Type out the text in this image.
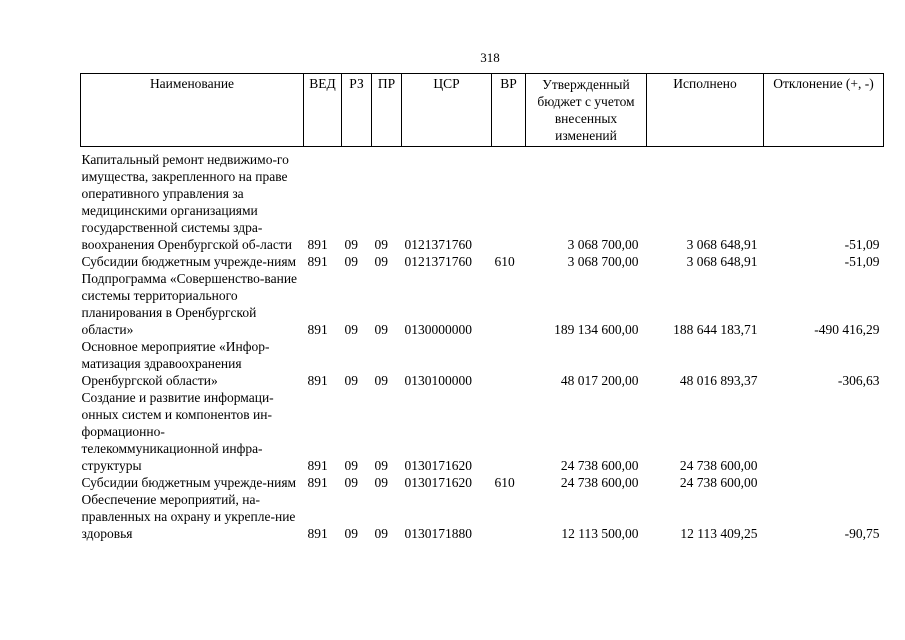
318
Наименование	ВЕД	РЗ	ПР	ЦСР	ВР	Утвержденный бюджет с учетом внесенных изменений	Исполнено	Отклонение (+, -)
Капитальный ремонт недвижимо-го имущества, закрепленного на праве оперативного управления за медицинскими организациями государственной системы здра-воохранения Оренбургской об-ласти	891	09	09	0121371760		3 068 700,00	3 068 648,91	-51,09
Субсидии бюджетным учрежде-ниям	891	09	09	0121371760	610	3 068 700,00	3 068 648,91	-51,09
Подпрограмма «Совершенство-вание системы территориального планирования в Оренбургской области»	891	09	09	0130000000		189 134 600,00	188 644 183,71	-490 416,29
Основное мероприятие «Инфор-матизация здравоохранения Оренбургской области»	891	09	09	0130100000		48 017 200,00	48 016 893,37	-306,63
Создание и развитие информаци-онных систем и компонентов ин-формационно-телекоммуникационной инфра-структуры	891	09	09	0130171620		24 738 600,00	24 738 600,00	
Субсидии бюджетным учрежде-ниям	891	09	09	0130171620	610	24 738 600,00	24 738 600,00	
Обеспечение мероприятий, на-правленных на охрану и укрепле-ние здоровья	891	09	09	0130171880		12 113 500,00	12 113 409,25	-90,75
